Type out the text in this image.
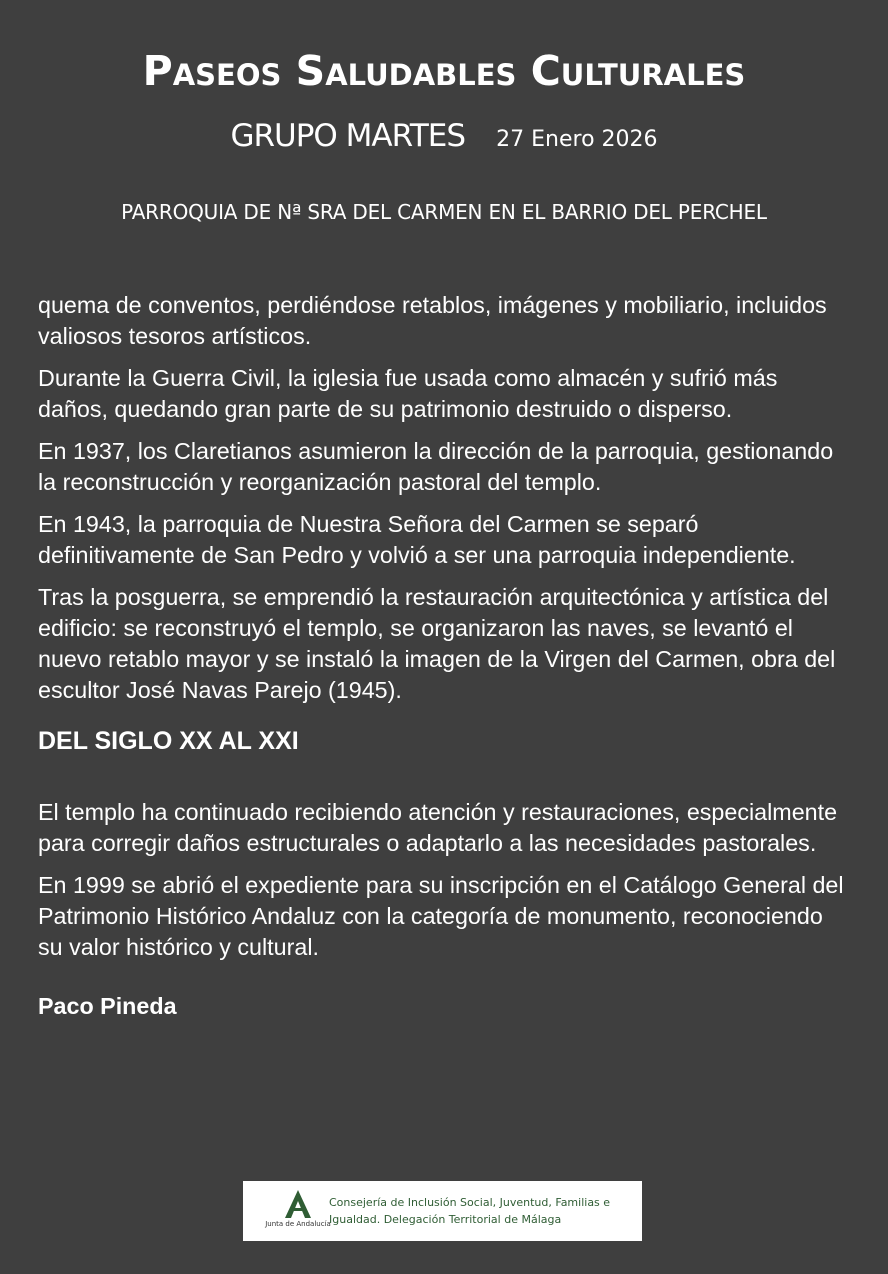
Paseos Saludables Culturales
GRUPO MARTES 27 Enero 2026
PARROQUIA DE Nª SRA DEL CARMEN EN EL BARRIO DEL PERCHEL

quema de conventos, perdiéndose retablos, imágenes y mobiliario, incluidos valiosos tesoros artísticos.

Durante la Guerra Civil, la iglesia fue usada como almacén y sufrió más daños, quedando gran parte de su patrimonio destruido o disperso.

En 1937, los Claretianos asumieron la dirección de la parroquia, gestionando la reconstrucción y reorganización pastoral del templo.

En 1943, la parroquia de Nuestra Señora del Carmen se separó definitivamente de San Pedro y volvió a ser una parroquia independiente.

Tras la posguerra, se emprendió la restauración arquitectónica y artística del edificio: se reconstruyó el templo, se organizaron las naves, se levantó el nuevo retablo mayor y se instaló la imagen de la Virgen del Carmen, obra del escultor José Navas Parejo (1945).

DEL SIGLO XX AL XXI

El templo ha continuado recibiendo atención y restauraciones, especialmente para corregir daños estructurales o adaptarlo a las necesidades pastorales.

En 1999 se abrió el expediente para su inscripción en el Catálogo General del Patrimonio Histórico Andaluz con la categoría de monumento, reconociendo su valor histórico y cultural.

Paco Pineda
Junta de Andalucía
Consejería de Inclusión Social, Juventud, Familias e
Igualdad. Delegación Territorial de Málaga
